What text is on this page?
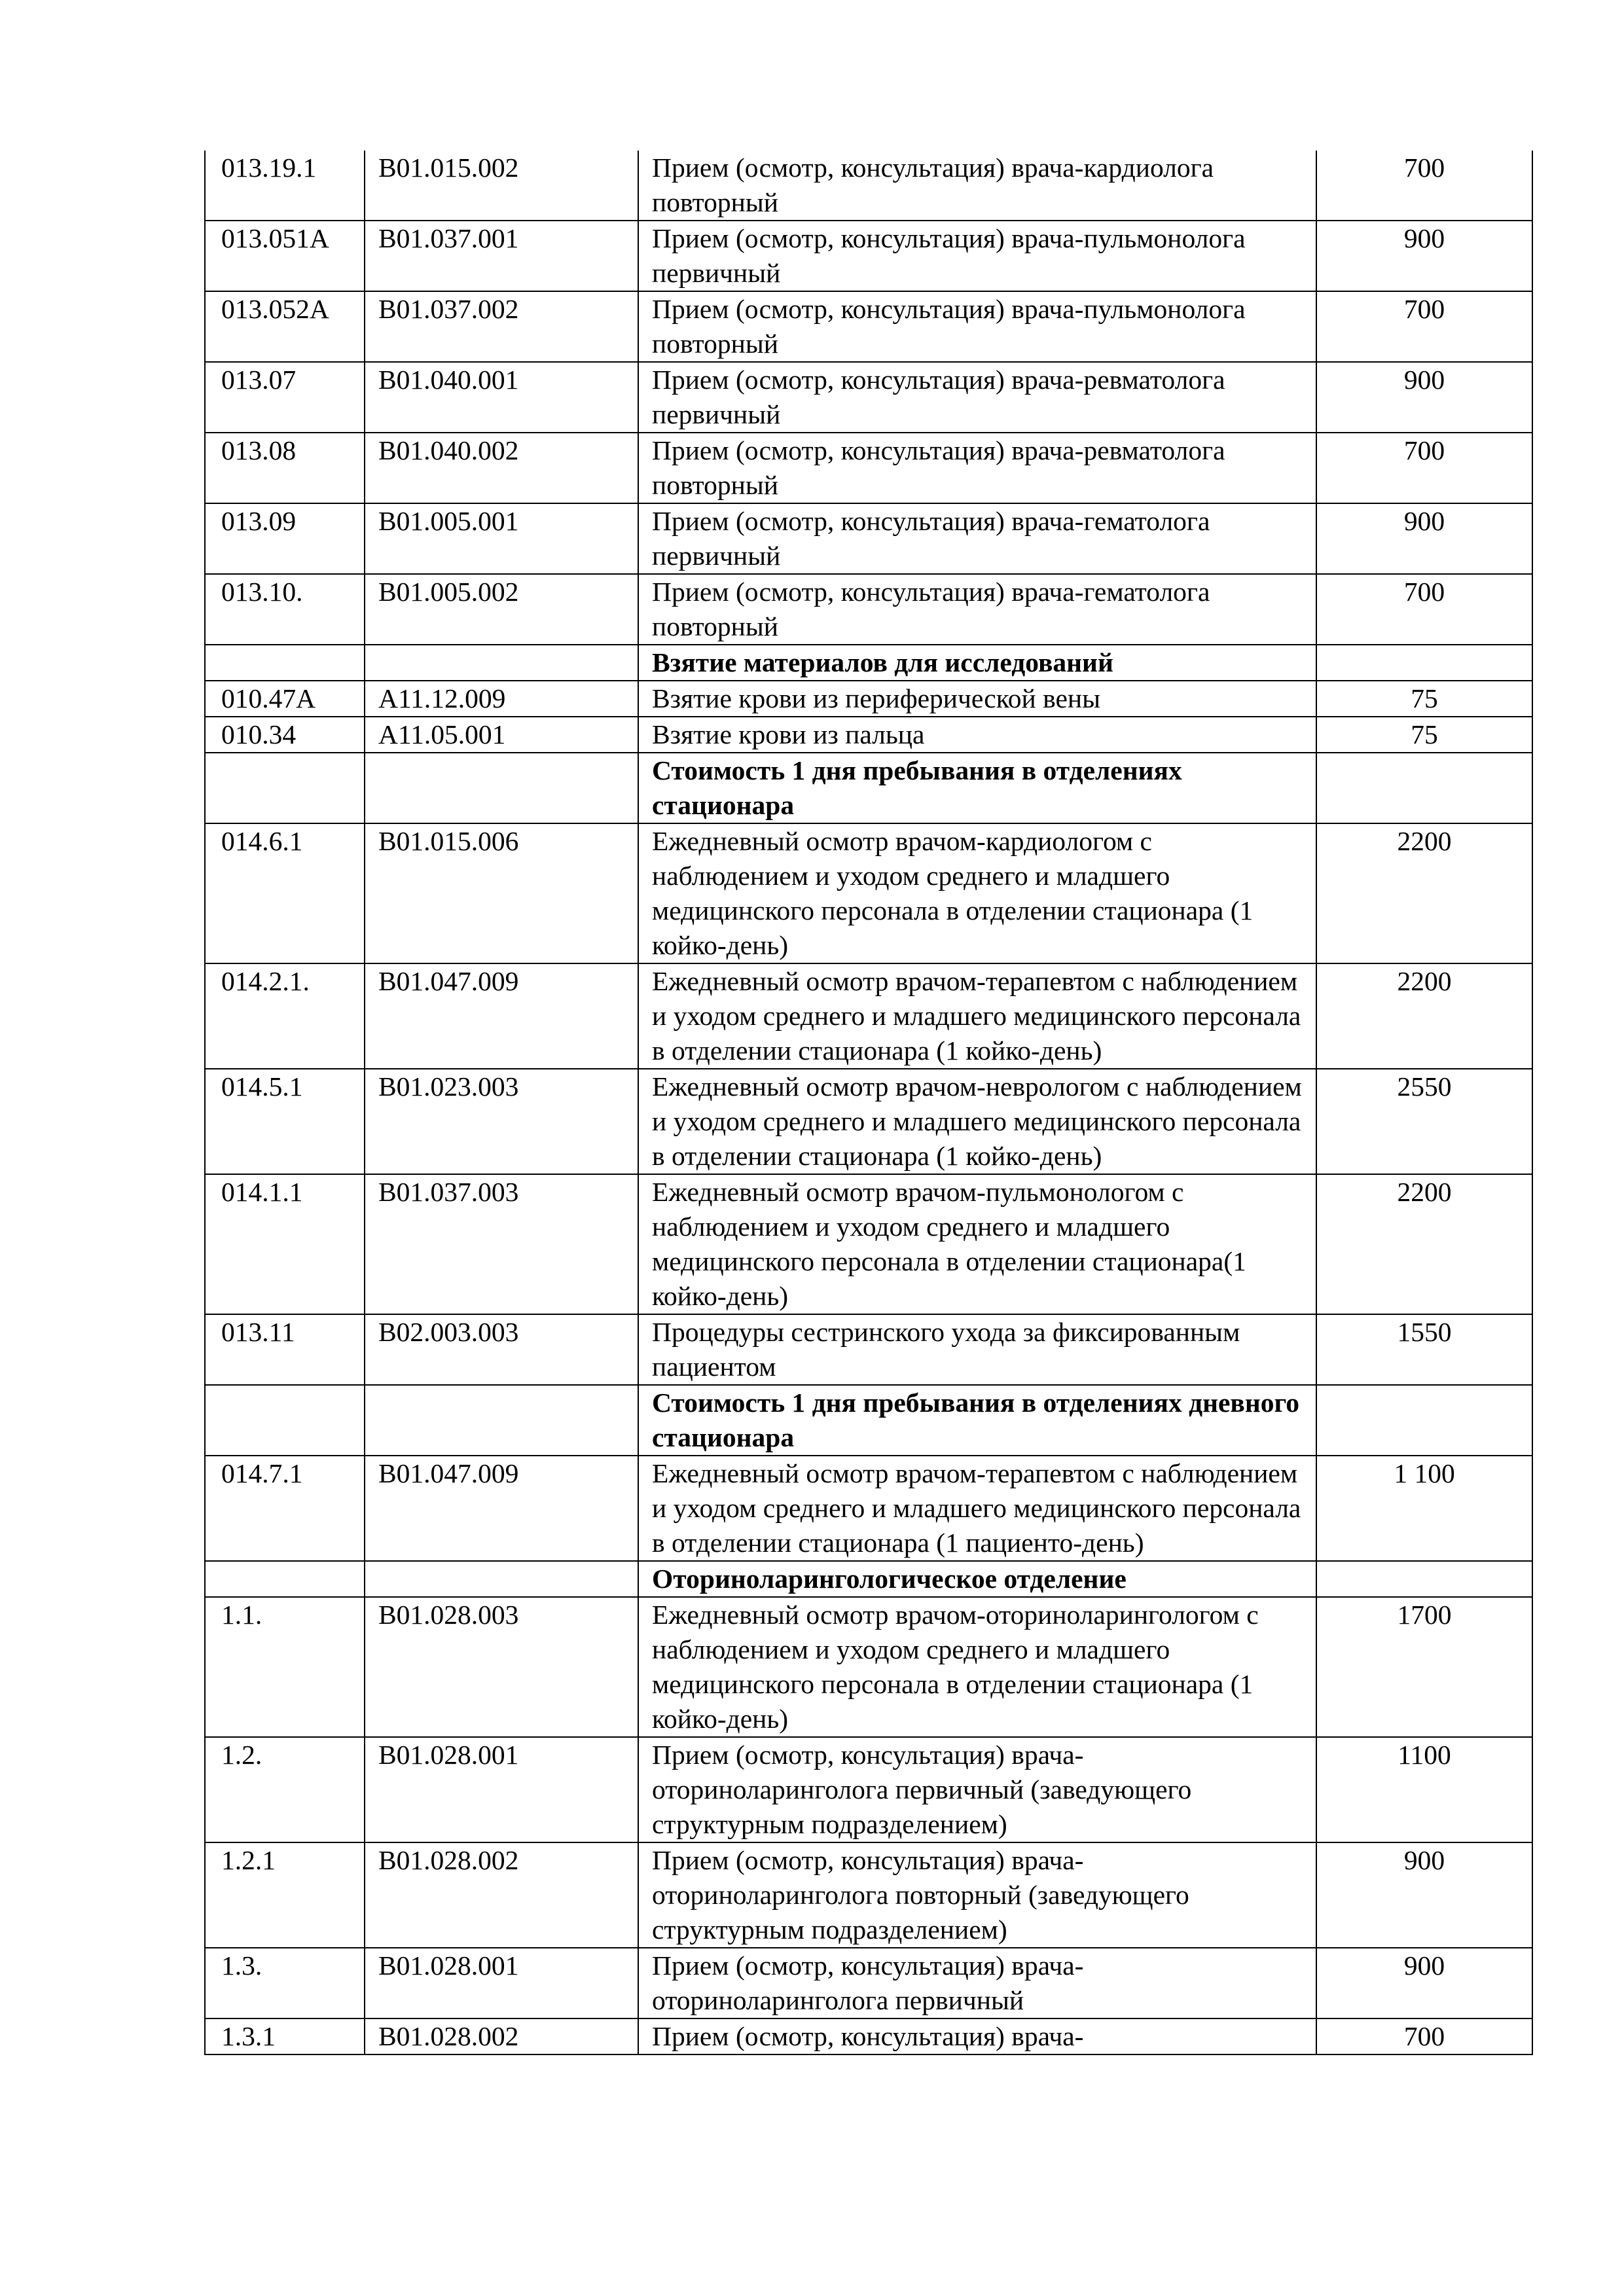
013.19.1	B01.015.002	Прием (осмотр, консультация) врача-кардиолога повторный	700
013.051А	B01.037.001	Прием (осмотр, консультация) врача-пульмонолога первичный	900
013.052А	B01.037.002	Прием (осмотр, консультация) врача-пульмонолога повторный	700
013.07	B01.040.001	Прием (осмотр, консультация) врача-ревматолога первичный	900
013.08	B01.040.002	Прием (осмотр, консультация) врача-ревматолога повторный	700
013.09	B01.005.001	Прием (осмотр, консультация) врача-гематолога первичный	900
013.10.	B01.005.002	Прием (осмотр, консультация) врача-гематолога повторный	700
		Взятие материалов для исследований	
010.47А	A11.12.009	Взятие крови из периферической вены	75
010.34	A11.05.001	Взятие крови из пальца	75
		Стоимость 1 дня пребывания в отделениях стационара	
014.6.1	B01.015.006	Ежедневный осмотр врачом-кардиологом с наблюдением и уходом среднего и младшего медицинского персонала в отделении стационара (1 койко-день)	2200
014.2.1.	B01.047.009	Ежедневный осмотр врачом-терапевтом с наблюдением и уходом среднего и младшего медицинского персонала в отделении стационара (1 койко-день)	2200
014.5.1	B01.023.003	Ежедневный осмотр врачом-неврологом с наблюдением и уходом среднего и младшего медицинского персонала в отделении стационара (1 койко-день)	2550
014.1.1	B01.037.003	Ежедневный осмотр врачом-пульмонологом с наблюдением и уходом среднего и младшего медицинского персонала в отделении стационара(1 койко-день)	2200
013.11	B02.003.003	Процедуры сестринского ухода за фиксированным пациентом	1550
		Стоимость 1 дня пребывания в отделениях дневного стационара	
014.7.1	B01.047.009	Ежедневный осмотр врачом-терапевтом с наблюдением и уходом среднего и младшего медицинского персонала в отделении стационара (1 пациенто-день)	1 100
		Оториноларингологическое отделение	
1.1.	B01.028.003	Ежедневный осмотр врачом-оториноларингологом с наблюдением и уходом среднего и младшего медицинского персонала в отделении стационара (1 койко-день)	1700
1.2.	B01.028.001	Прием (осмотр, консультация) врача-оториноларинголога первичный (заведующего структурным подразделением)	1100
1.2.1	B01.028.002	Прием (осмотр, консультация) врача-оториноларинголога повторный (заведующего структурным подразделением)	900
1.3.	B01.028.001	Прием (осмотр, консультация) врача-оториноларинголога первичный	900
1.3.1	B01.028.002	Прием (осмотр, консультация) врача-	700
